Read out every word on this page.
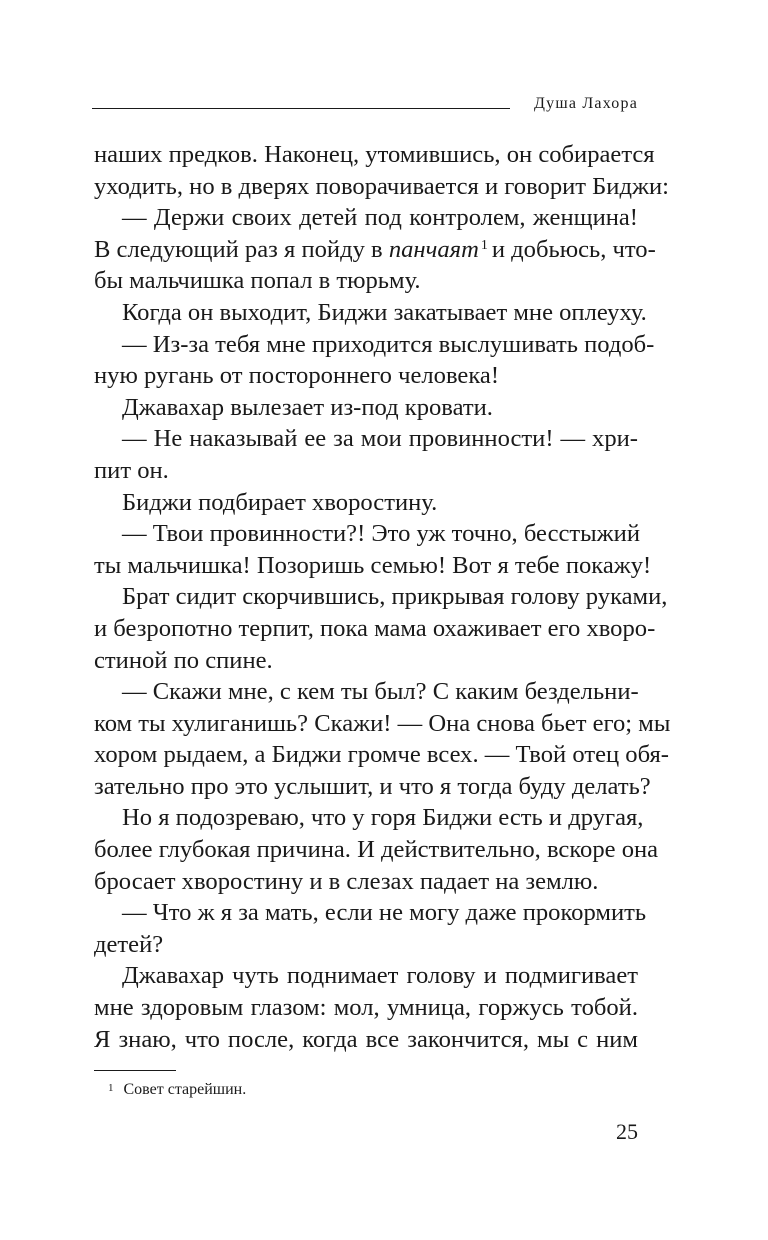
Душа Лахора
наших предков. Наконец, утомившись, он собирается
уходить, но в дверях поворачивается и говорит Биджи:
— Держи своих детей под контролем, женщина!
В следующий раз я пойду в панчаят $^1$ и добьюсь, что-
бы мальчишка попал в тюрьму.
Когда он выходит, Биджи закатывает мне оплеуху.
— Из-за тебя мне приходится выслушивать подоб-
ную ругань от постороннего человека!
Джавахар вылезает из-под кровати.
— Не наказывай ее за мои провинности! — хри-
пит он.
Биджи подбирает хворостину.
— Твои провинности?! Это уж точно, бесстыжий
ты мальчишка! Позоришь семью! Вот я тебе покажу!
Брат сидит скорчившись, прикрывая голову руками,
и безропотно терпит, пока мама охаживает его хворо-
стиной по спине.
— Скажи мне, с кем ты был? С каким бездельни-
ком ты хулиганишь? Скажи! — Она снова бьет его; мы
хором рыдаем, а Биджи громче всех. — Твой отец обя-
зательно про это услышит, и что я тогда буду делать?
Но я подозреваю, что у горя Биджи есть и другая,
более глубокая причина. И действительно, вскоре она
бросает хворостину и в слезах падает на землю.
— Что ж я за мать, если не могу даже прокормить
детей?
Джавахар чуть поднимает голову и подмигивает
мне здоровым глазом: мол, умница, горжусь тобой.
Я знаю, что после, когда все закончится, мы с ним
$^1$ Совет старейшин.
25
